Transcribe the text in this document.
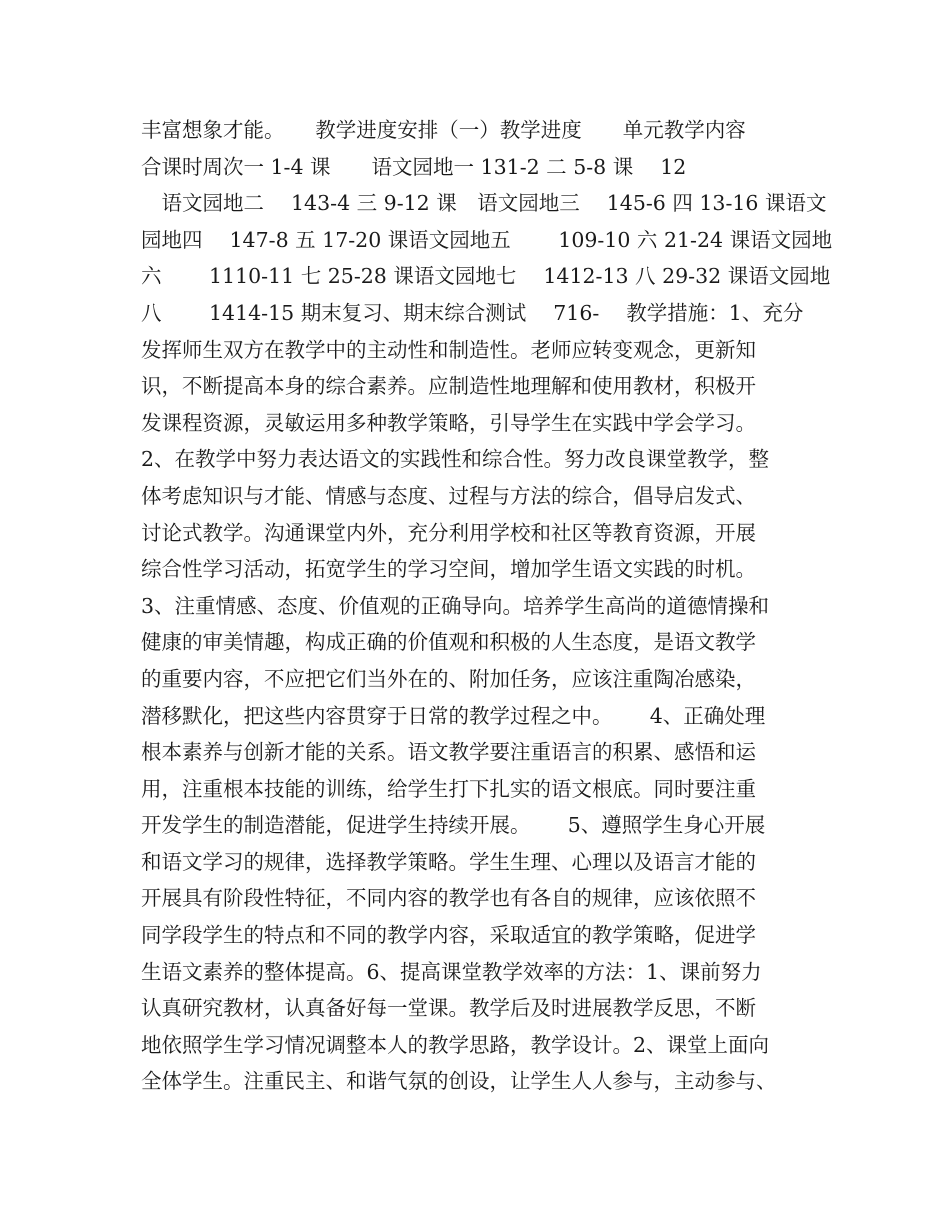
丰富想象才能。　　教学进度安排（一）教学进度　　单元教学内容
合课时周次一 1-4 课　　语文园地一 131-2 二 5-8 课　 12
　语文园地二　 143-4 三 9-12 课　语文园地三　 145-6 四 13-16 课语文
园地四　 147-8 五 17-20 课语文园地五　　 109-10 六 21-24 课语文园地
六　　 1110-11 七 25-28 课语文园地七　 1412-13 八 29-32 课语文园地
八　　 1414-15 期末复习、期末综合测试　 716-　 教学措施：1、充分
发挥师生双方在教学中的主动性和制造性。老师应转变观念，更新知
识，不断提高本身的综合素养。应制造性地理解和使用教材，积极开
发课程资源，灵敏运用多种教学策略，引导学生在实践中学会学习。
2、在教学中努力表达语文的实践性和综合性。努力改良课堂教学，整
体考虑知识与才能、情感与态度、过程与方法的综合，倡导启发式、
讨论式教学。沟通课堂内外，充分利用学校和社区等教育资源，开展
综合性学习活动，拓宽学生的学习空间，增加学生语文实践的时机。
3、注重情感、态度、价值观的正确导向。培养学生高尚的道德情操和
健康的审美情趣，构成正确的价值观和积极的人生态度，是语文教学
的重要内容，不应把它们当外在的、附加任务，应该注重陶冶感染，
潜移默化，把这些内容贯穿于日常的教学过程之中。　　 4、正确处理
根本素养与创新才能的关系。语文教学要注重语言的积累、感悟和运
用，注重根本技能的训练，给学生打下扎实的语文根底。同时要注重
开发学生的制造潜能，促进学生持续开展。　　 5、遵照学生身心开展
和语文学习的规律，选择教学策略。学生生理、心理以及语言才能的
开展具有阶段性特征，不同内容的教学也有各自的规律，应该依照不
同学段学生的特点和不同的教学内容，采取适宜的教学策略，促进学
生语文素养的整体提高。6、提高课堂教学效率的方法：1、课前努力
认真研究教材，认真备好每一堂课。教学后及时进展教学反思，不断
地依照学生学习情况调整本人的教学思路，教学设计。2、课堂上面向
全体学生。注重民主、和谐气氛的创设，让学生人人参与，主动参与、
